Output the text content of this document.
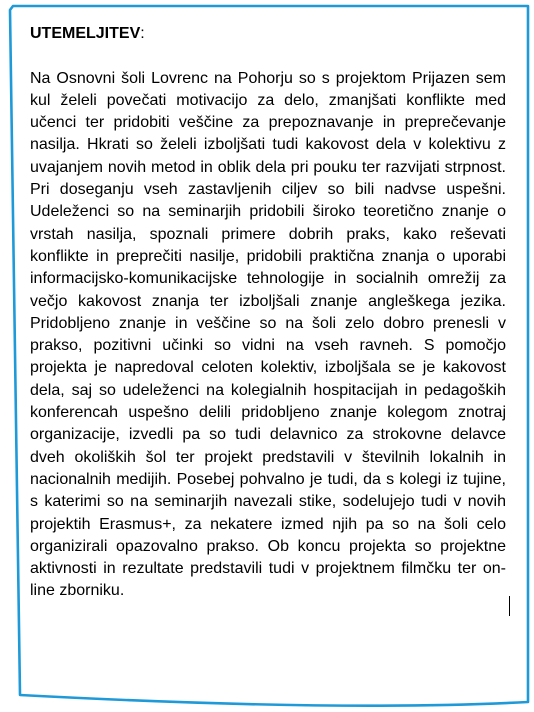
UTEMELJITEV:

Na Osnovni šoli Lovrenc na Pohorju so s projektom Prijazen sem kul želeli povečati motivacijo za delo, zmanjšati konflikte med učenci ter pridobiti veščine za prepoznavanje in preprečevanje nasilja. Hkrati so želeli izboljšati tudi kakovost dela v kolektivu z uvajanjem novih metod in oblik dela pri pouku ter razvijati strpnost. Pri doseganju vseh zastavljenih ciljev so bili nadvse uspešni. Udeleženci so na seminarjih pridobili široko teoretično znanje o vrstah nasilja, spoznali primere dobrih praks, kako reševati konflikte in preprečiti nasilje, pridobili praktična znanja o uporabi informacijsko-komunikacijske tehnologije in socialnih omrežij za večjo kakovost znanja ter izboljšali znanje angleškega jezika. Pridobljeno znanje in veščine so na šoli zelo dobro prenesli v prakso, pozitivni učinki so vidni na vseh ravneh. S pomočjo projekta je napredoval celoten kolektiv, izboljšala se je kakovost dela, saj so udeleženci na kolegialnih hospitacijah in pedagoških konferencah uspešno delili pridobljeno znanje kolegom znotraj organizacije, izvedli pa so tudi delavnico za strokovne delavce dveh okoliških šol ter projekt predstavili v številnih lokalnih in nacionalnih medijih. Posebej pohvalno je tudi, da s kolegi iz tujine, s katerimi so na seminarjih navezali stike, sodelujejo tudi v novih projektih Erasmus+, za nekatere izmed njih pa so na šoli celo organizirali opazovalno prakso. Ob koncu projekta so projektne aktivnosti in rezultate predstavili tudi v projektnem filmčku ter on-line zborniku.
